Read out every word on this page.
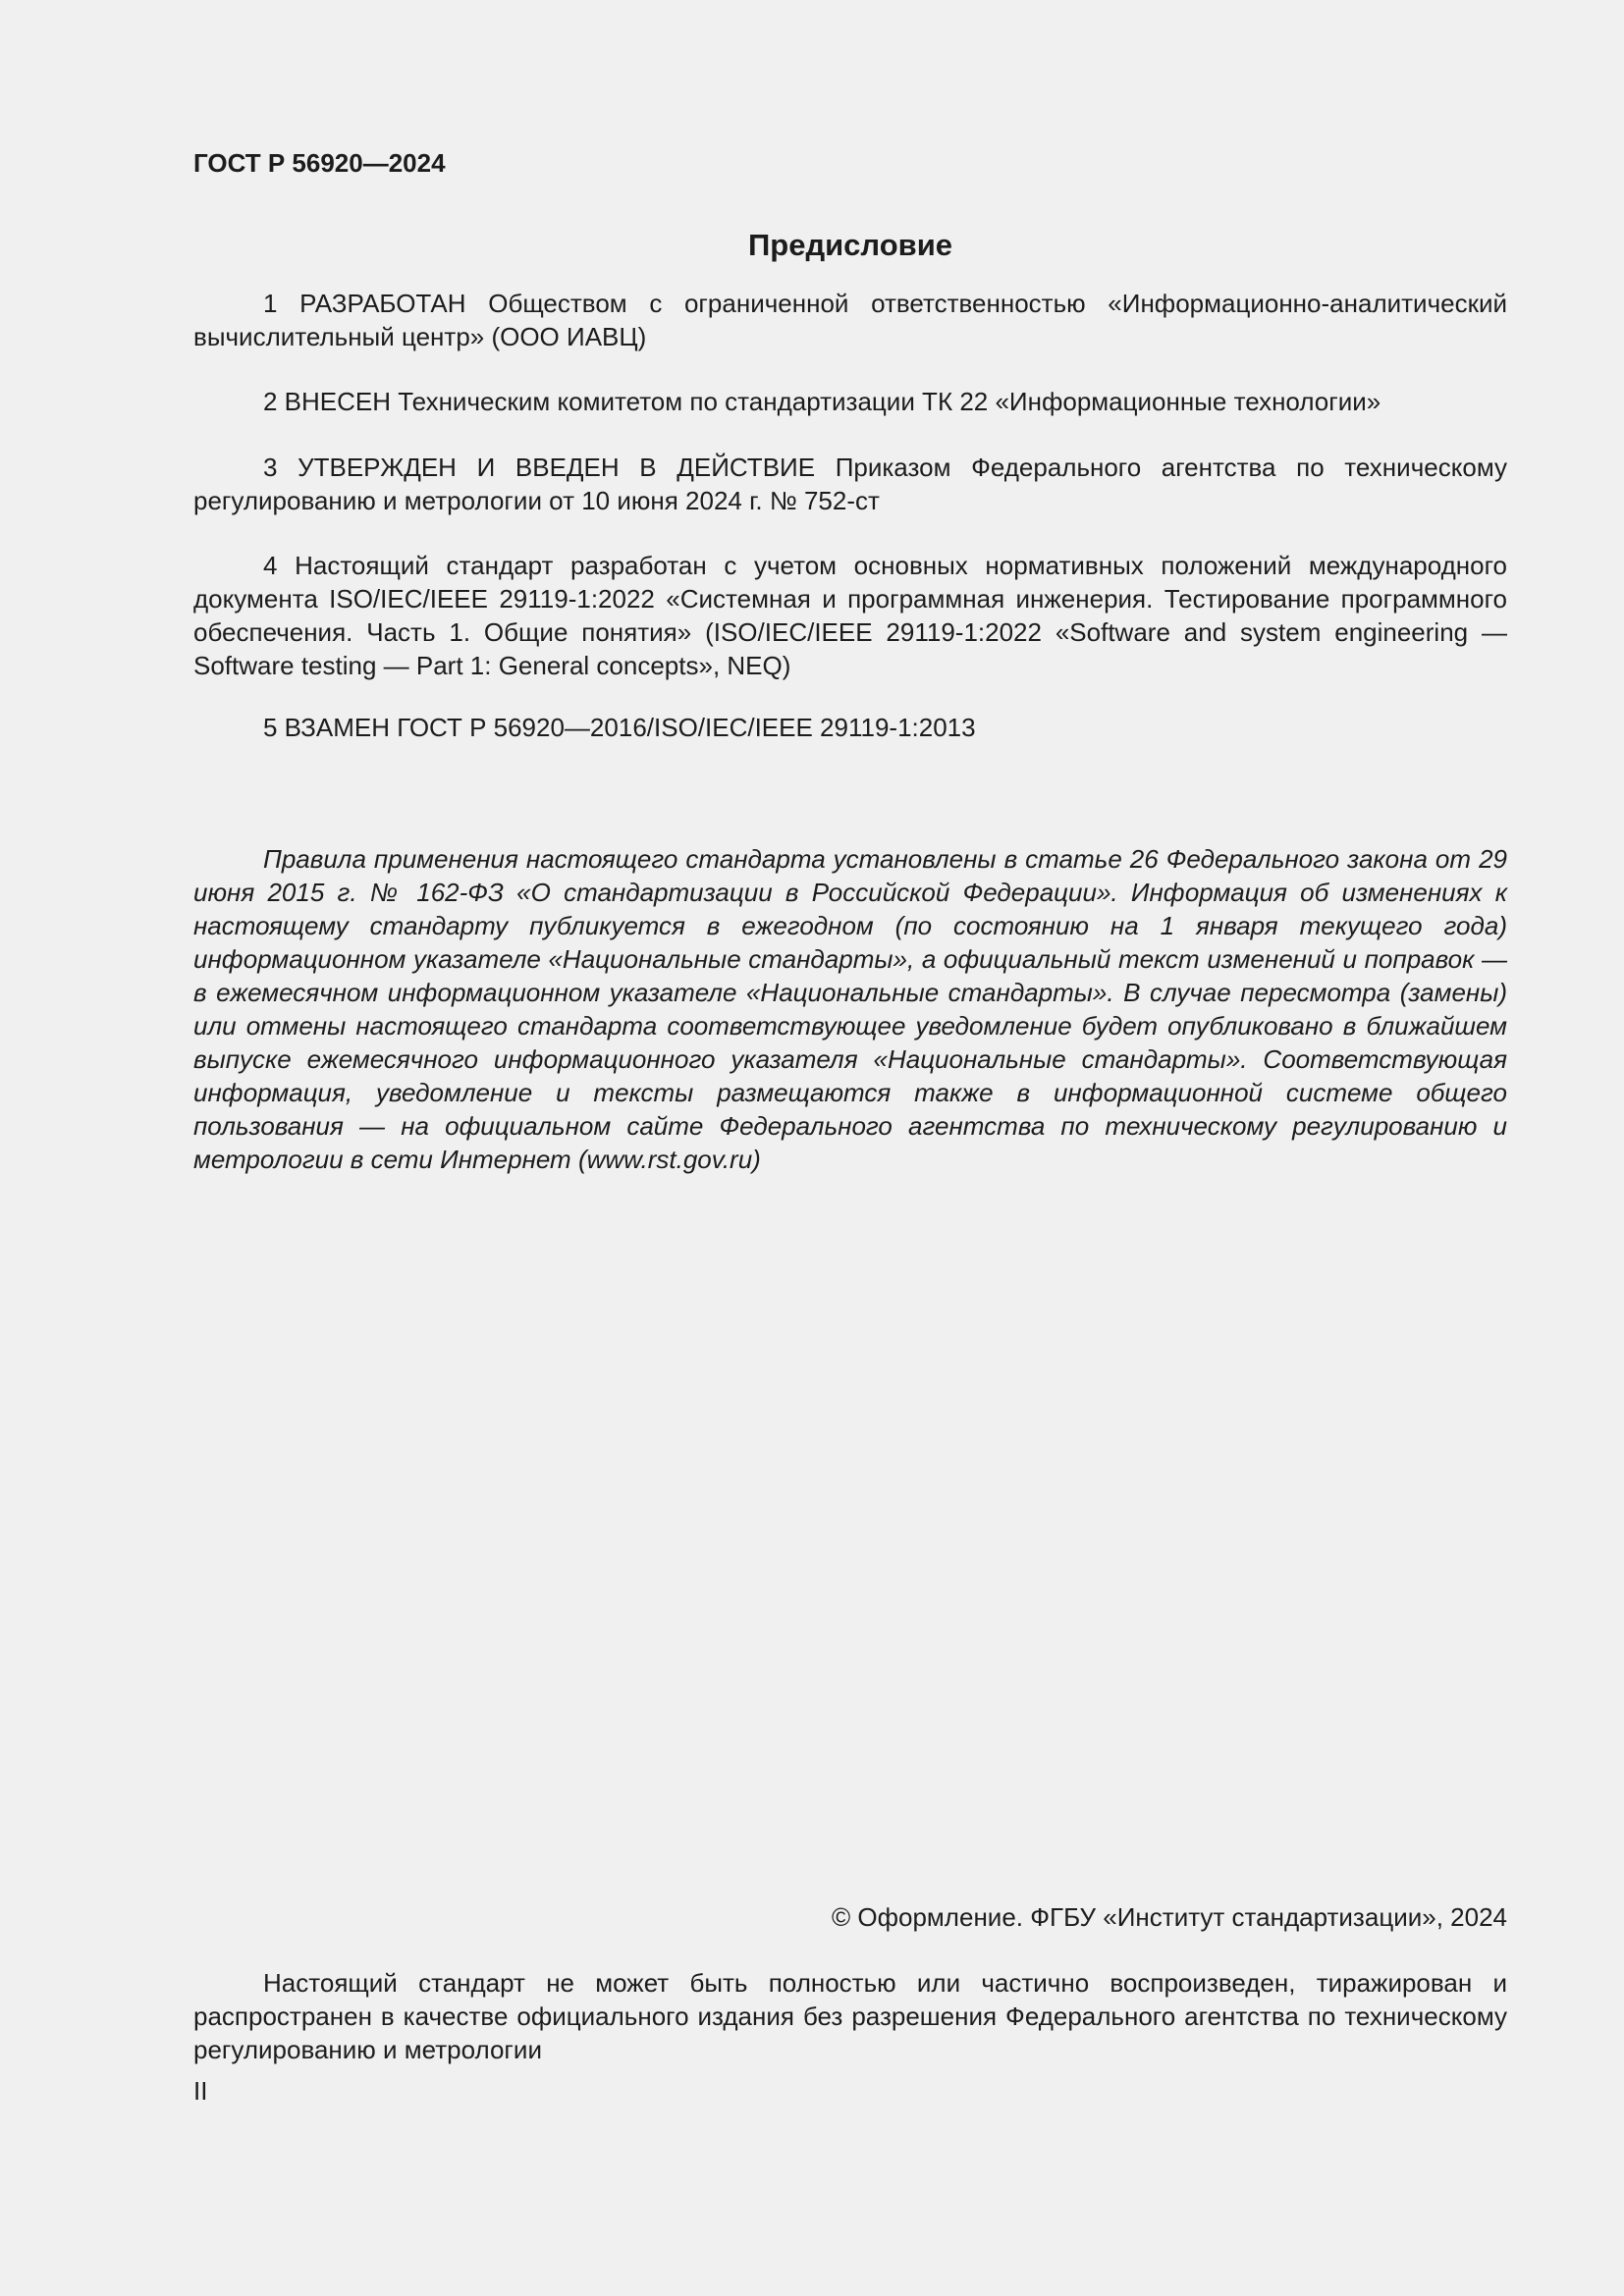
ГОСТ Р 56920—2024
Предисловие

1 РАЗРАБОТАН Обществом с ограниченной ответственностью «Информационно-аналитический вычислительный центр» (ООО ИАВЦ)

2 ВНЕСЕН Техническим комитетом по стандартизации ТК 22 «Информационные технологии»

3 УТВЕРЖДЕН И ВВЕДЕН В ДЕЙСТВИЕ Приказом Федерального агентства по техническому регулированию и метрологии от 10 июня 2024 г. № 752-ст

4 Настоящий стандарт разработан с учетом основных нормативных положений международного документа ISO/IEC/IEEE 29119-1:2022 «Системная и программная инженерия. Тестирование программного обеспечения. Часть 1. Общие понятия» (ISO/IEC/IEEE 29119-1:2022 «Software and system engineering — Software testing — Part 1: General concepts», NEQ)

5 ВЗАМЕН ГОСТ Р 56920—2016/ISO/IEC/IEEE 29119-1:2013

Правила применения настоящего стандарта установлены в статье 26 Федерального закона от 29 июня 2015 г. № 162-ФЗ «О стандартизации в Российской Федерации». Информация об изменениях к настоящему стандарту публикуется в ежегодном (по состоянию на 1 января текущего года) информационном указателе «Национальные стандарты», а официальный текст изменений и поправок — в ежемесячном информационном указателе «Национальные стандарты». В случае пересмотра (замены) или отмены настоящего стандарта соответствующее уведомление будет опубликовано в ближайшем выпуске ежемесячного информационного указателя «Национальные стандарты». Соответствующая информация, уведомление и тексты размещаются также в информационной системе общего пользования — на официальном сайте Федерального агентства по техническому регулированию и метрологии в сети Интернет (www.rst.gov.ru)

© Оформление. ФГБУ «Институт стандартизации», 2024

Настоящий стандарт не может быть полностью или частично воспроизведен, тиражирован и распространен в качестве официального издания без разрешения Федерального агентства по техническому регулированию и метрологии

II
